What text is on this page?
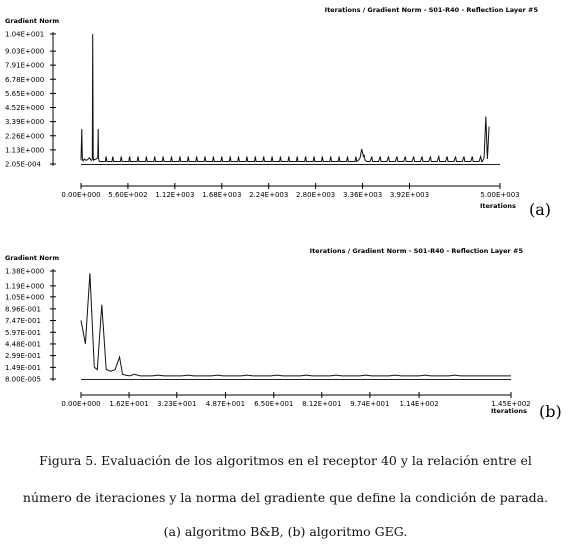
Iterations / Gradient Norm - S01-R40 - Reflection Layer #5
Gradient Norm
Iterations (a)
1.04E+001
9.03E+000
7.91E+000
6.78E+000
5.65E+000
4.52E+000
3.39E+000
2.26E+000
1.13E+000
2.05E-004
0.00E+000 5.60E+002 1.12E+003 1.68E+003 2.24E+003 2.80E+003 3.36E+003 3.92E+003	5.00E+003
Iterations / Gradient Norm - S01-R40 - Reflection Layer #5
Gradient Norm
Iterations (b)
1.38E+000
1.19E+000
1.05E+000
8.96E-001
7.47E-001
5.97E-001
4.48E-001
2.99E-001
1.49E-001
8.00E-005
0.00E+000 1.62E+001 3.23E+001 4.87E+001 6.50E+001 8.12E+001 9.74E+001 1.14E+002	1.45E+002
Figura 5. Evaluación de los algoritmos en el receptor 40 y la relación entre el
número de iteraciones y la norma del gradiente que define la condición de parada.
(a) algoritmo B&B, (b) algoritmo GEG.
